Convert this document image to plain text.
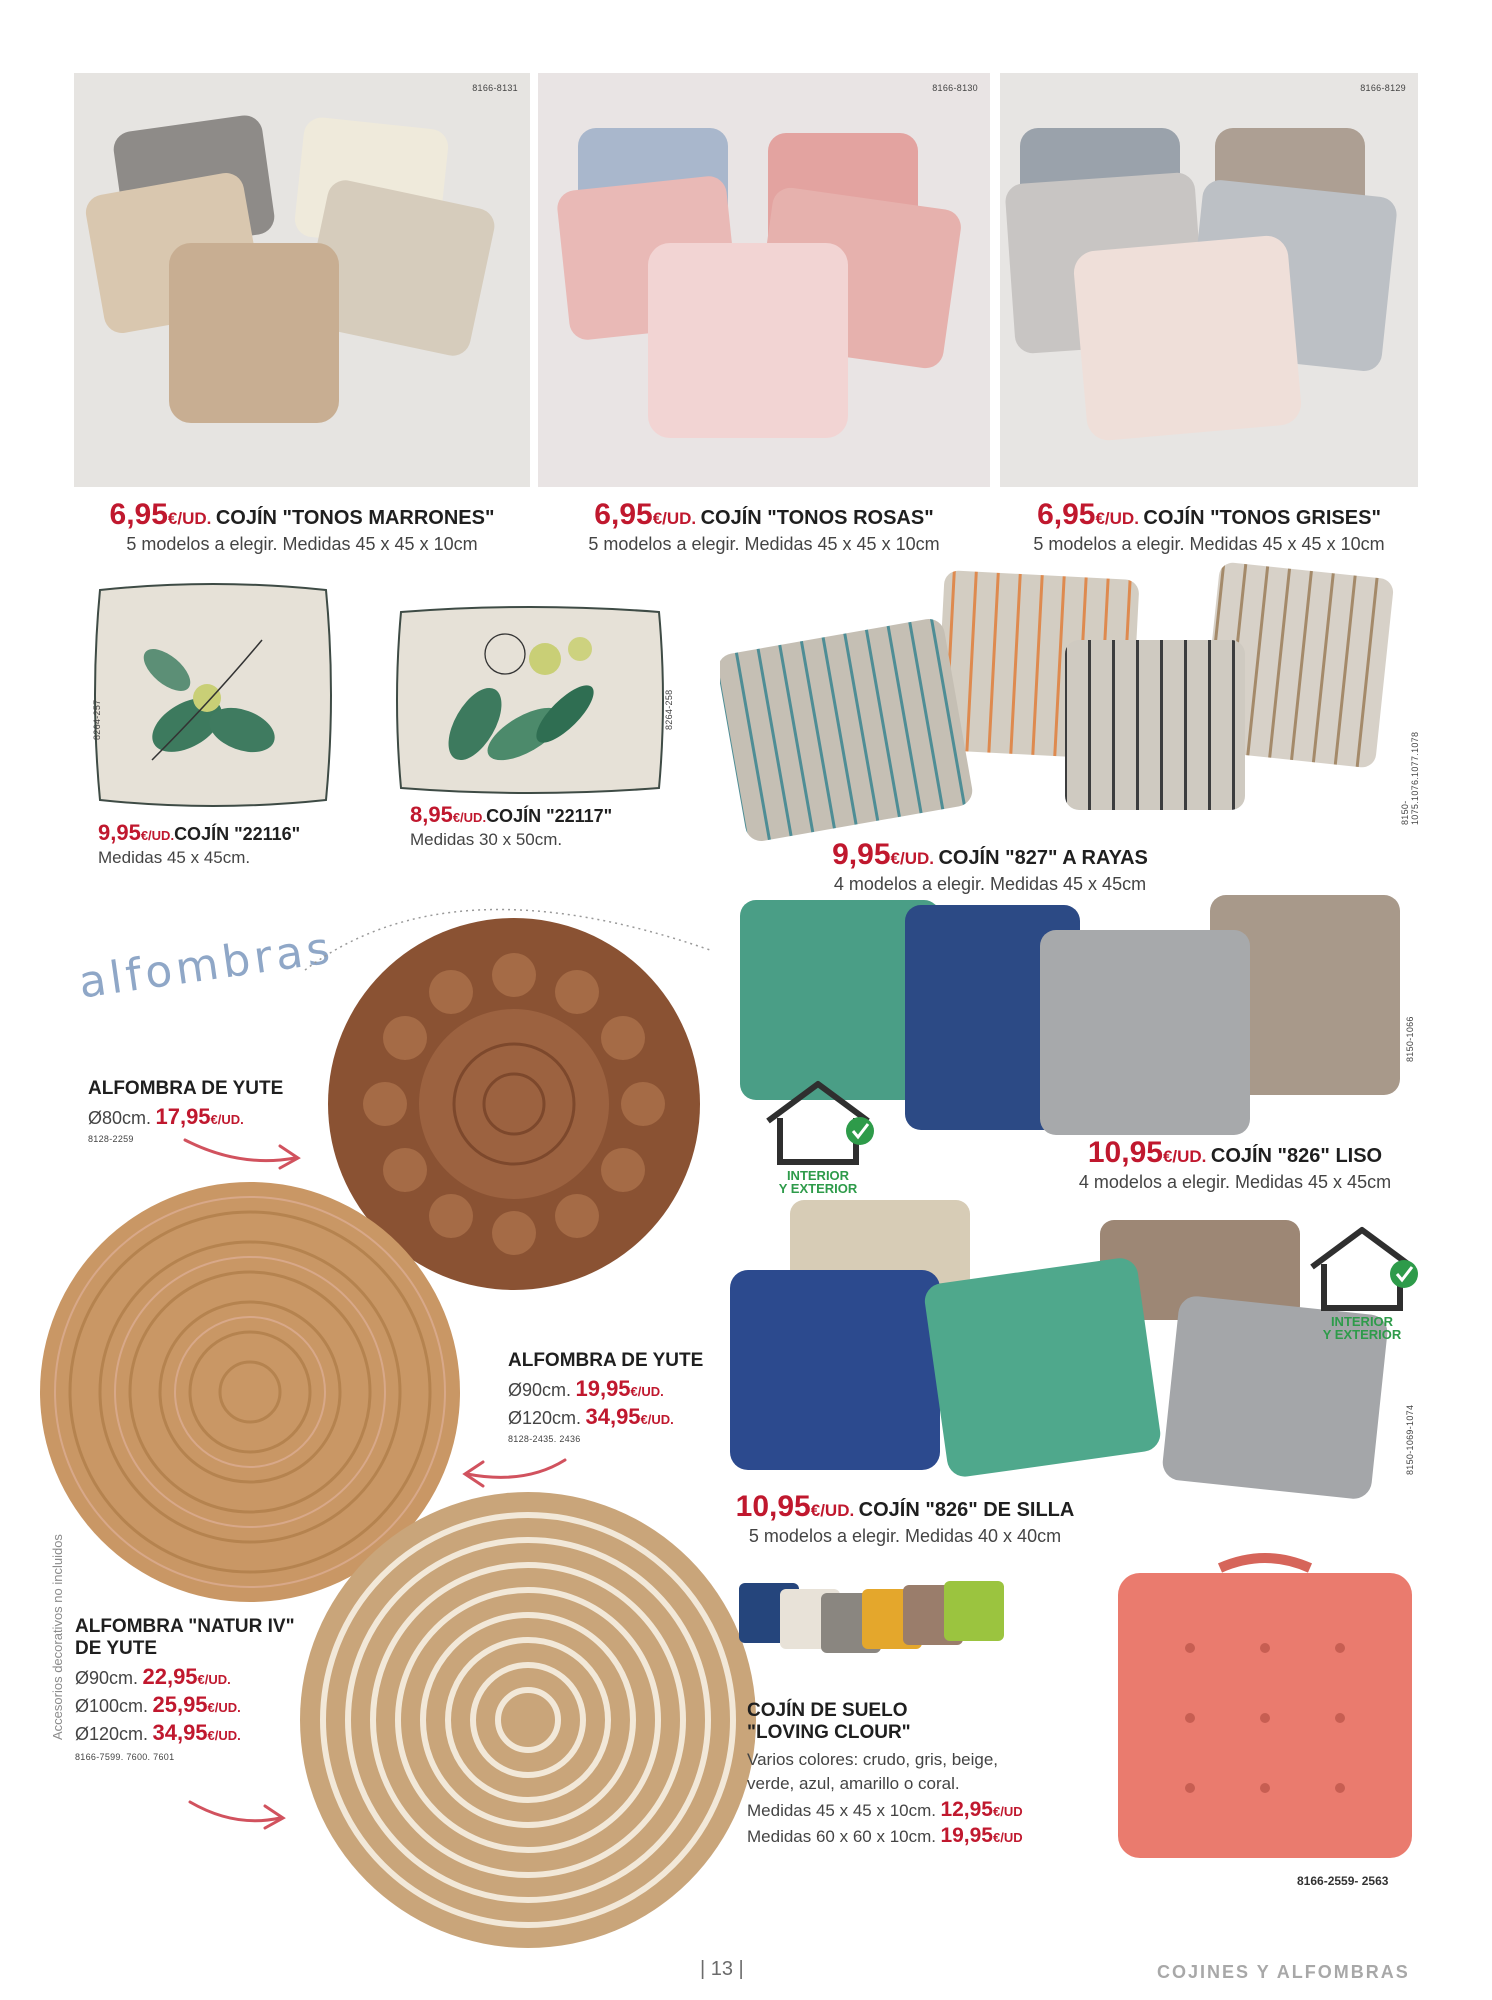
8166-8131	8166-8130	8166-8129
6,95€/UD. COJÍN "TONOS MARRONES"
5 modelos a elegir. Medidas 45 x 45 x 10cm
6,95€/UD. COJÍN "TONOS ROSAS"
5 modelos a elegir. Medidas 45 x 45 x 10cm
6,95€/UD. COJÍN "TONOS GRISES"
5 modelos a elegir. Medidas 45 x 45 x 10cm
8264-257
9,95€/UD.COJÍN "22116"
Medidas 45 x 45cm.
8264-258
8,95€/UD.COJÍN "22117"
Medidas 30 x 50cm.
8150-1075.1076.1077.1078
9,95€/UD. COJÍN "827" A RAYAS
4 modelos a elegir. Medidas 45 x 45cm
alfombras
ALFOMBRA DE YUTE
Ø80cm. 17,95€/UD.
8128-2259
ALFOMBRA DE YUTE
Ø90cm. 19,95€/UD.
Ø120cm. 34,95€/UD.
8128-2435. 2436
ALFOMBRA "NATUR IV"
DE YUTE
Ø90cm. 22,95€/UD.
Ø100cm. 25,95€/UD.
Ø120cm. 34,95€/UD.
8166-7599. 7600. 7601
Accesorios decorativos no incluidos
8150-1066
INTERIOR
Y EXTERIOR
10,95€/UD. COJÍN "826" LISO
4 modelos a elegir. Medidas 45 x 45cm
8150-1069-1074
INTERIOR
Y EXTERIOR
10,95€/UD. COJÍN "826" DE SILLA
5 modelos a elegir. Medidas 40 x 40cm
COJÍN DE SUELO
"LOVING CLOUR"
Varios colores: crudo, gris, beige,
verde, azul, amarillo o coral.
Medidas 45 x 45 x 10cm. 12,95€/UD
Medidas 60 x 60 x 10cm. 19,95€/UD
8166-2559- 2563
| 13 |	COJINES Y ALFOMBRAS
